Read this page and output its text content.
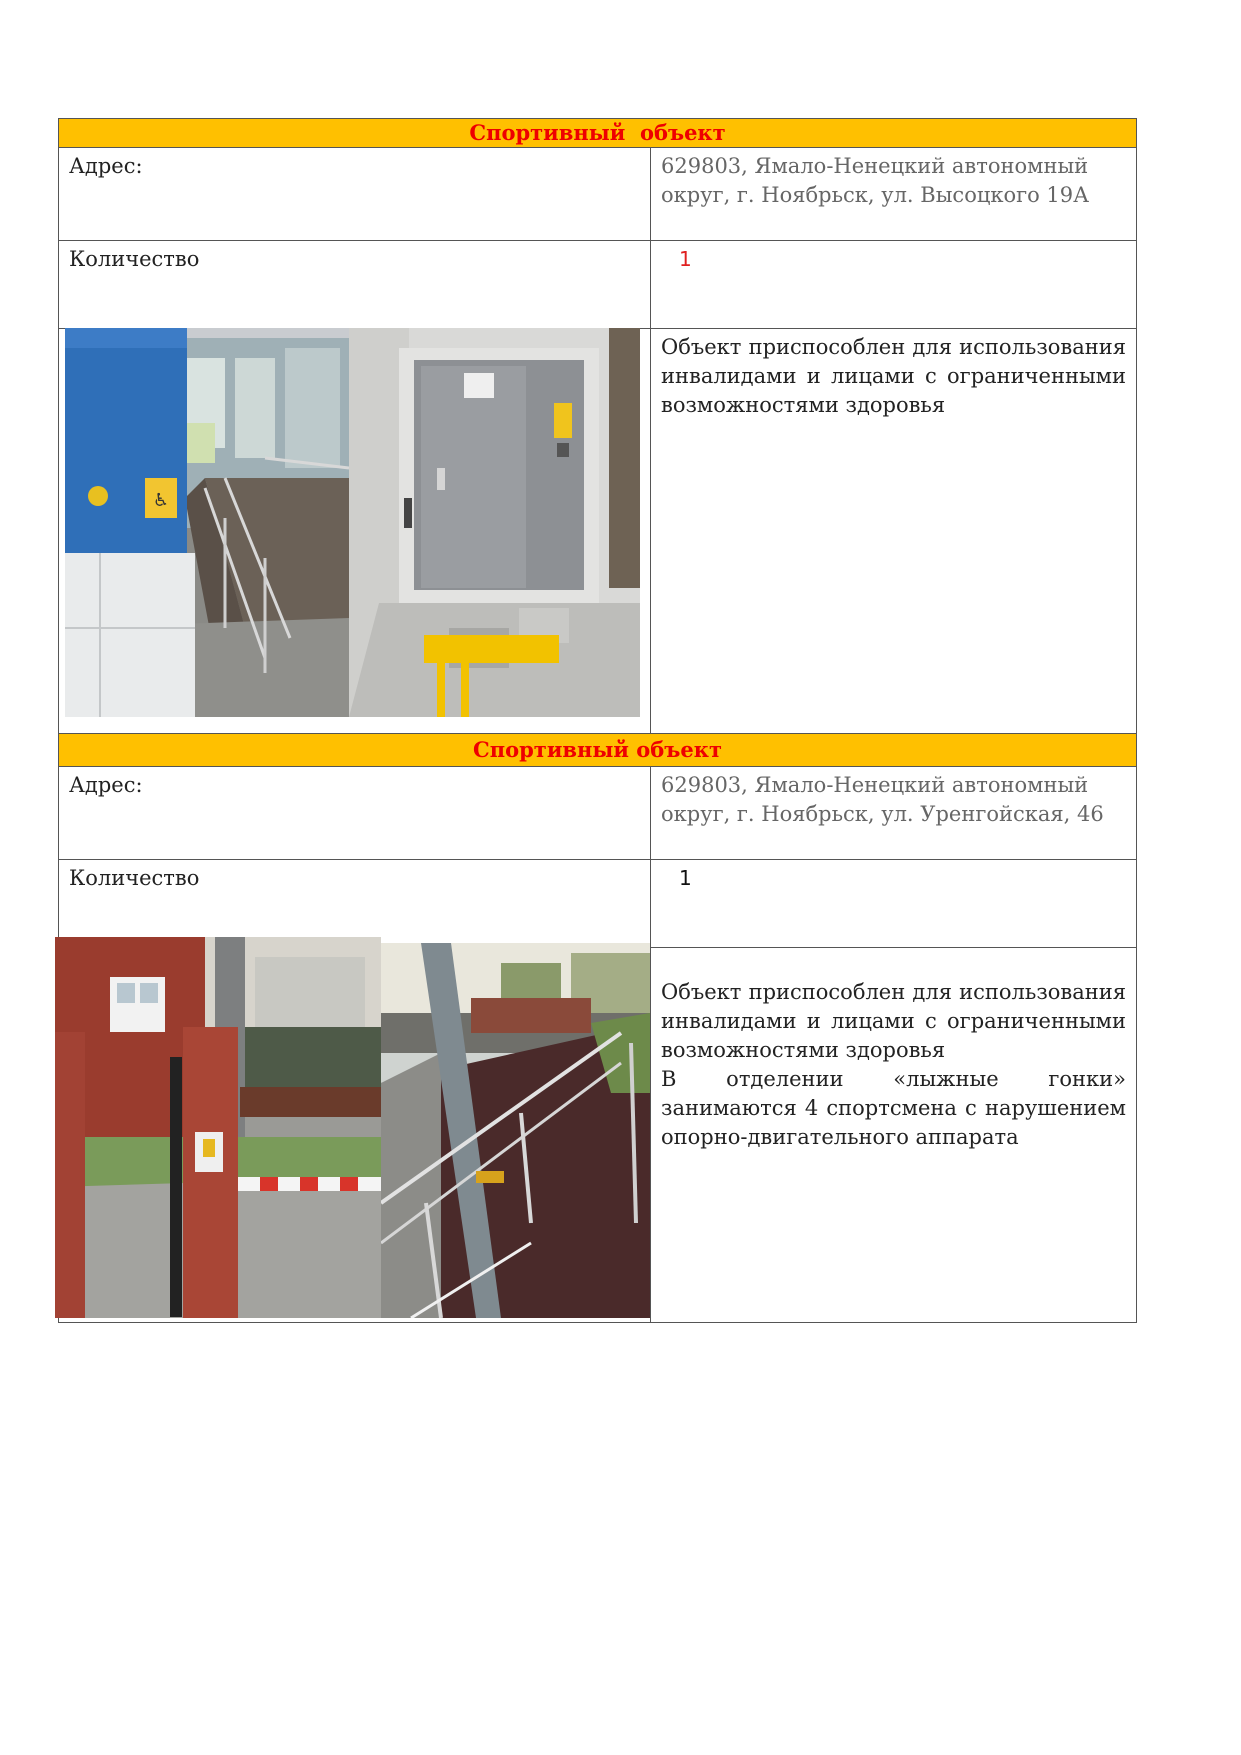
Спортивный  объект
Адрес:	629803, Ямало-Ненецкий автономный округ, г. Ноябрьск, ул. Высоцкого 19А
Количество	1
Объект приспособлен для использования инвалидами и лицами с ограниченными возможностями здоровья
♿
Спортивный объект
Адрес:	629803, Ямало-Ненецкий автономный округ, г. Ноябрьск, ул. Уренгойская, 46
Количество	1
Объект приспособлен для использования инвалидами и лицами с ограниченными возможностями здоровья
В отделении «лыжные гонки» занимаются 4 спортсмена с нарушением опорно-двигательного аппарата
